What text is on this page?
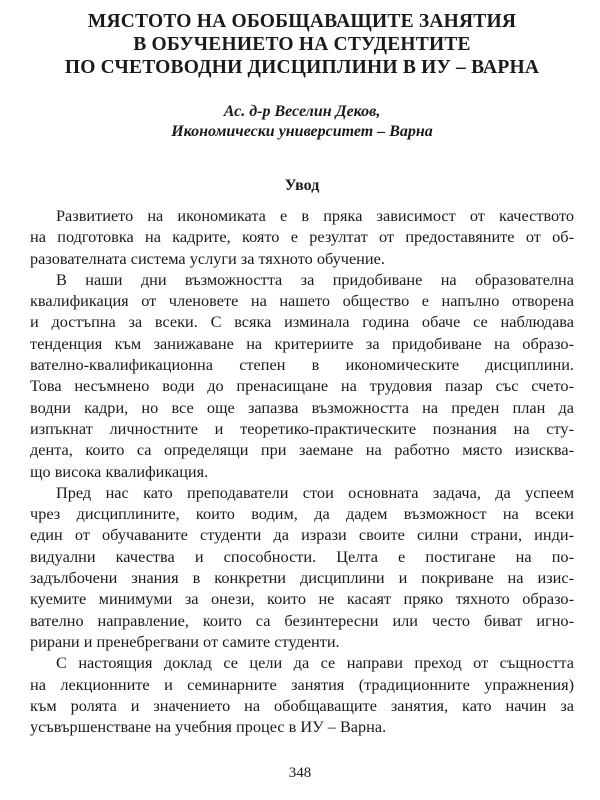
МЯСТОТО НА ОБОБЩАВАЩИТЕ ЗАНЯТИЯ
В ОБУЧЕНИЕТО НА СТУДЕНТИТЕ
ПО СЧЕТОВОДНИ ДИСЦИПЛИНИ В ИУ – ВАРНА
Ас. д-р Веселин Деков,
Икономически университет – Варна
Увод
Развитието на икономиката е в пряка зависимост от качеството
на подготовка на кадрите, която е резултат от предоставяните от об-
разователната система услуги за тяхното обучение.
В наши дни възможността за придобиване на образователна
квалификация от членовете на нашето общество е напълно отворена
и достъпна за всеки. С всяка изминала година обаче се наблюдава
тенденция към занижаване на критериите за придобиване на образо-
вателно-квалификационна степен в икономическите дисциплини.
Това несъмнено води до пренасищане на трудовия пазар със счето-
водни кадри, но все още запазва възможността на преден план да
изпъкнат личностните и теоретико-практическите познания на сту-
дента, които са определящи при заемане на работно място изисква-
що висока квалификация.
Пред нас като преподаватели стои основната задача, да успеем
чрез дисциплините, които водим, да дадем възможност на всеки
един от обучаваните студенти да изрази своите силни страни, инди-
видуални качества и способности. Целта е постигане на по-
задълбочени знания в конкретни дисциплини и покриване на изис-
куемите минимуми за онези, които не касаят пряко тяхното образо-
вателно направление, които са безинтересни или често биват игно-
рирани и пренебрегвани от самите студенти.
С настоящия доклад се цели да се направи преход от същността
на лекционните и семинарните занятия (традиционните упражнения)
към ролята и значението на обобщаващите занятия, като начин за
усъвършенстване на учебния процес в ИУ – Варна.
348
